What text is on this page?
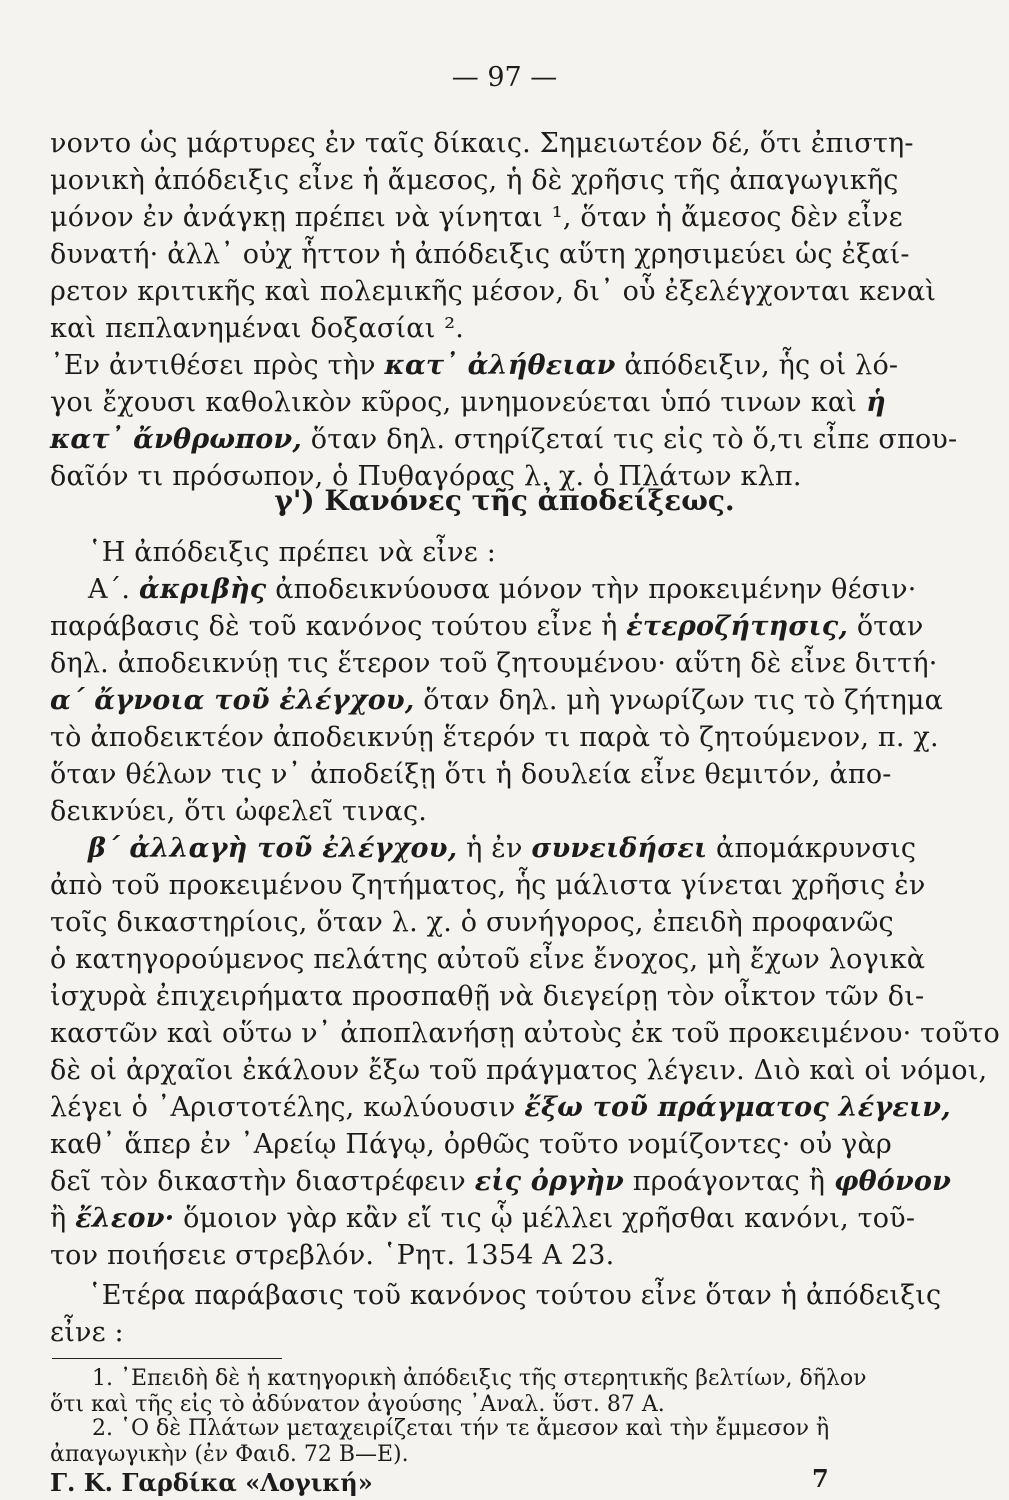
— 97 —
νοντο ὡς μάρτυρες ἐν ταῖς δίκαις. Σημειωτέον δέ, ὅτι ἐπιστη-
μονικὴ ἀπόδειξις εἶνε ἡ ἄμεσος, ἡ δὲ χρῆσις τῆς ἀπαγωγικῆς
μόνον ἐν ἀνάγκῃ πρέπει νὰ γίνηται ¹, ὅταν ἡ ἄμεσος δὲν εἶνε
δυνατή· ἀλλ᾽ οὐχ ἧττον ἡ ἀπόδειξις αὕτη χρησιμεύει ὡς ἐξαί-
ρετον κριτικῆς καὶ πολεμικῆς μέσον, δι᾽ οὗ ἐξελέγχονται κεναὶ
καὶ πεπλανημέναι δοξασίαι ².
᾽Εν ἀντιθέσει πρὸς τὴν κατ᾽ ἀλήθειαν ἀπόδειξιν, ἧς οἱ λό-
γοι ἔχουσι καθολικὸν κῦρος, μνημονεύεται ὑπό τινων καὶ ἡ
κατ᾽ ἄνθρωπον, ὅταν δηλ. στηρίζεταί τις εἰς τὸ ὅ,τι εἶπε σπου-
δαῖόν τι πρόσωπον, ὁ Πυθαγόρας λ. χ. ὁ Πλάτων κλπ.
γ') Κανόνες τῆς ἀποδείξεως.
῾Η ἀπόδειξις πρέπει νὰ εἶνε :
Α΄. ἀκριβὴς ἀποδεικνύουσα μόνον τὴν προκειμένην θέσιν·
παράβασις δὲ τοῦ κανόνος τούτου εἶνε ἡ ἑτεροζήτησις, ὅταν
δηλ. ἀποδεικνύῃ τις ἕτερον τοῦ ζητουμένου· αὕτη δὲ εἶνε διττή·
α΄ ἄγνοια τοῦ ἐλέγχου, ὅταν δηλ. μὴ γνωρίζων τις τὸ ζήτημα
τὸ ἀποδεικτέον ἀποδεικνύῃ ἕτερόν τι παρὰ τὸ ζητούμενον, π. χ.
ὅταν θέλων τις ν᾽ ἀποδείξῃ ὅτι ἡ δουλεία εἶνε θεμιτόν, ἀπο-
δεικνύει, ὅτι ὠφελεῖ τινας.
β΄ ἀλλαγὴ τοῦ ἐλέγχου, ἡ ἐν συνειδήσει ἀπομάκρυνσις
ἀπὸ τοῦ προκειμένου ζητήματος, ἧς μάλιστα γίνεται χρῆσις ἐν
τοῖς δικαστηρίοις, ὅταν λ. χ. ὁ συνήγορος, ἐπειδὴ προφανῶς
ὁ κατηγορούμενος πελάτης αὐτοῦ εἶνε ἔνοχος, μὴ ἔχων λογικὰ
ἰσχυρὰ ἐπιχειρήματα προσπαθῇ νὰ διεγείρῃ τὸν οἶκτον τῶν δι-
καστῶν καὶ οὕτω ν᾽ ἀποπλανήσῃ αὐτοὺς ἐκ τοῦ προκειμένου· τοῦτο
δὲ οἱ ἀρχαῖοι ἐκάλουν ἔξω τοῦ πράγματος λέγειν. Διὸ καὶ οἱ νόμοι,
λέγει ὁ ᾽Αριστοτέλης, κωλύουσιν ἔξω τοῦ πράγματος λέγειν,
καθ᾽ ἅπερ ἐν ᾽Αρείῳ Πάγῳ, ὀρθῶς τοῦτο νομίζοντες· οὐ γὰρ
δεῖ τὸν δικαστὴν διαστρέφειν εἰς ὀργὴν προάγοντας ἢ φθόνον
ἢ ἔλεον· ὅμοιον γὰρ κἂν εἴ τις ᾧ μέλλει χρῆσθαι κανόνι, τοῦ-
τον ποιήσειε στρεβλόν. ῾Ρητ. 1354 Α 23.
῾Ετέρα παράβασις τοῦ κανόνος τούτου εἶνε ὅταν ἡ ἀπόδειξις
εἶνε :
1. ᾽Επειδὴ δὲ ἡ κατηγορικὴ ἀπόδειξις τῆς στερητικῆς βελτίων, δῆλον
ὅτι καὶ τῆς εἰς τὸ ἀδύνατον ἀγούσης ᾽Αναλ. ὕστ. 87 Α.
2. ῾Ο δὲ Πλάτων μεταχειρίζεται τήν τε ἄμεσον καὶ τὴν ἔμμεσον ἢ
ἀπαγωγικὴν (ἐν Φαιδ. 72 Β—Ε).
Γ. Κ. Γαρδίκα «Λογική»	7
